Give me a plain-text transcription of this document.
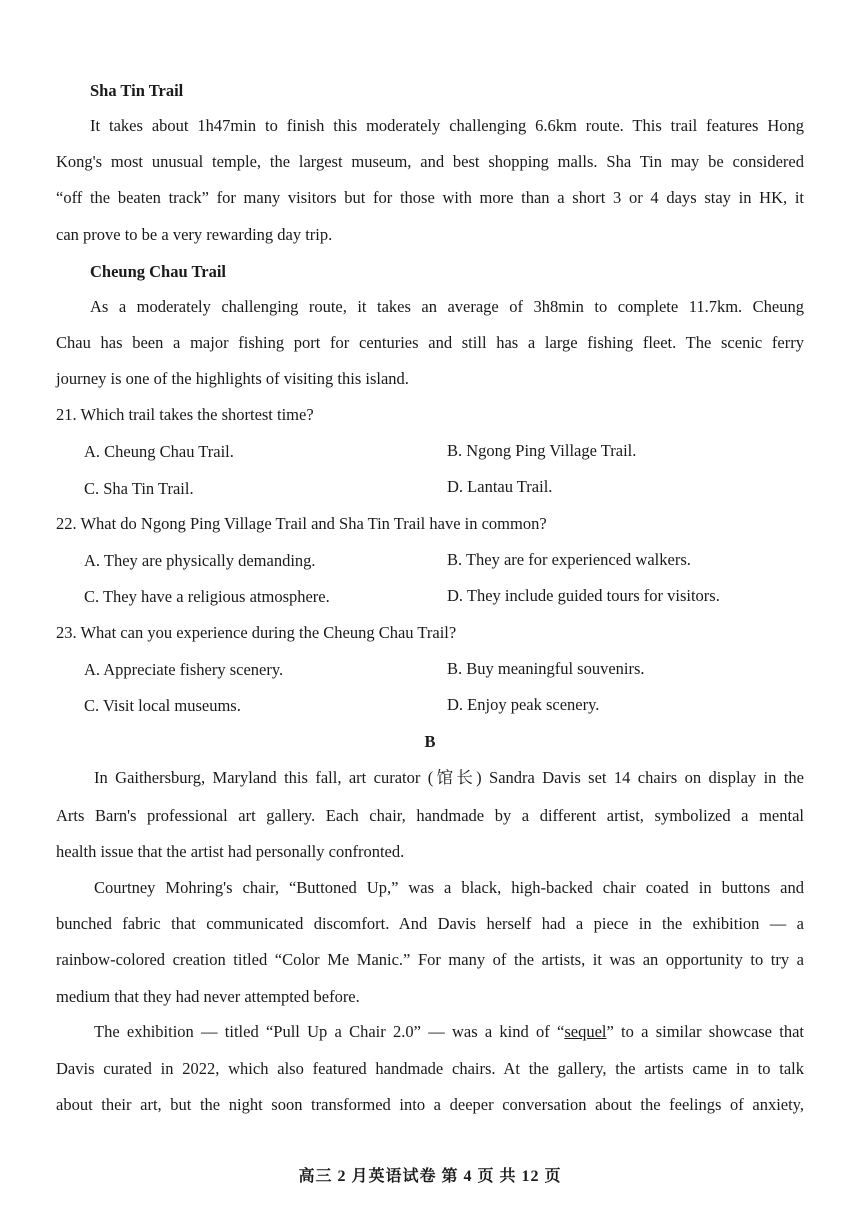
Sha Tin Trail
It takes about 1h47min to finish this moderately challenging 6.6km route. This trail features Hong
Kong's most unusual temple, the largest museum, and best shopping malls. Sha Tin may be considered
“off the beaten track” for many visitors but for those with more than a short 3 or 4 days stay in HK, it
can prove to be a very rewarding day trip.
Cheung Chau Trail
As a moderately challenging route, it takes an average of 3h8min to complete 11.7km. Cheung
Chau has been a major fishing port for centuries and still has a large fishing fleet. The scenic ferry
journey is one of the highlights of visiting this island.
21. Which trail takes the shortest time?
A. Cheung Chau Trail.	B. Ngong Ping Village Trail.
C. Sha Tin Trail.	D. Lantau Trail.
22. What do Ngong Ping Village Trail and Sha Tin Trail have in common?
A. They are physically demanding.	B. They are for experienced walkers.
C. They have a religious atmosphere.	D. They include guided tours for visitors.
23. What can you experience during the Cheung Chau Trail?
A. Appreciate fishery scenery.	B. Buy meaningful souvenirs.
C. Visit local museums.	D. Enjoy peak scenery.
B
In Gaithersburg, Maryland this fall, art curator (馆长) Sandra Davis set 14 chairs on display in the
Arts Barn's professional art gallery. Each chair, handmade by a different artist, symbolized a mental
health issue that the artist had personally confronted.
Courtney Mohring's chair, “Buttoned Up,” was a black, high-backed chair coated in buttons and
bunched fabric that communicated discomfort. And Davis herself had a piece in the exhibition — a
rainbow-colored creation titled “Color Me Manic.” For many of the artists, it was an opportunity to try a
medium that they had never attempted before.
The exhibition — titled “Pull Up a Chair 2.0” — was a kind of “sequel” to a similar showcase that
Davis curated in 2022, which also featured handmade chairs. At the gallery, the artists came in to talk
about their art, but the night soon transformed into a deeper conversation about the feelings of anxiety,
高三 2 月英语试卷 第 4 页 共 12 页
